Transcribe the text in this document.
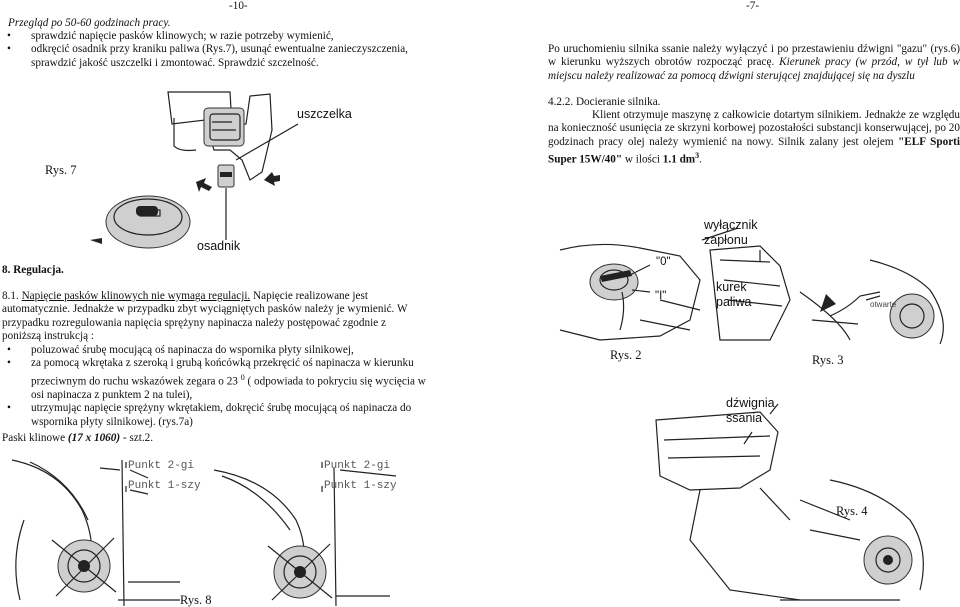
-10-
Przegląd po 50-60 godzinach pracy.
• sprawdzić napięcie pasków klinowych; w razie potrzeby wymienić,
• odkręcić osadnik przy kraniku paliwa (Rys.7), usunąć ewentualne zanieczyszczenia, sprawdzić jakość uszczelki i zmontować. Sprawdzić szczelność.
uszczelka
osadnik
Rys. 7
8. Regulacja.
8.1. Napięcie pasków klinowych nie wymaga regulacji. Napięcie realizowane jest automatycznie. Jednakże w przypadku zbyt wyciągniętych pasków należy je wymienić. W przypadku rozregulowania napięcia sprężyny napinacza należy postępować zgodnie z poniższą instrukcją :
• poluzować śrubę mocującą oś napinacza do wspornika płyty silnikowej,
• za pomocą wkrętaka z szeroką i grubą końcówką przekręcić oś napinacza w kierunku przeciwnym do ruchu wskazówek zegara o 23 $^0$ ( odpowiada to pokryciu się wycięcia w osi napinacza z punktem 2 na tulei),
• utrzymując napięcie sprężyny wkrętakiem, dokręcić śrubę mocującą oś napinacza do wspornika płyty silnikowej. (rys.7a)
Paski klinowe (17 x 1060) - szt.2.
Punkt 2-gi
Punkt 1-szy
Punkt 2-gi
Punkt 1-szy
Rys. 8
-7-
Po uruchomieniu silnika ssanie należy wyłączyć i po przestawieniu dźwigni "gazu" (rys.6) w kierunku wyższych obrotów rozpocząć pracę. Kierunek pracy (w przód, w tył lub w miejscu należy realizować za pomocą dźwigni sterującej znajdującej się na dyszlu
4.2.2. Docieranie silnika.
Klient otrzymuje maszynę z całkowicie dotartym silnikiem. Jednakże ze względu na konieczność usunięcia ze skrzyni korbowej pozostałości substancji konserwującej, po 20 godzinach pracy olej należy wymienić na nowy. Silnik zalany jest olejem "ELF Sporti Super 15W/40" w ilości 1.1 $dm^3$.
"0"
"I"
wyłącznik zapłonu
kurek paliwa	otwarte
Rys. 2	Rys. 3
dźwignia ssania
Rys. 4
